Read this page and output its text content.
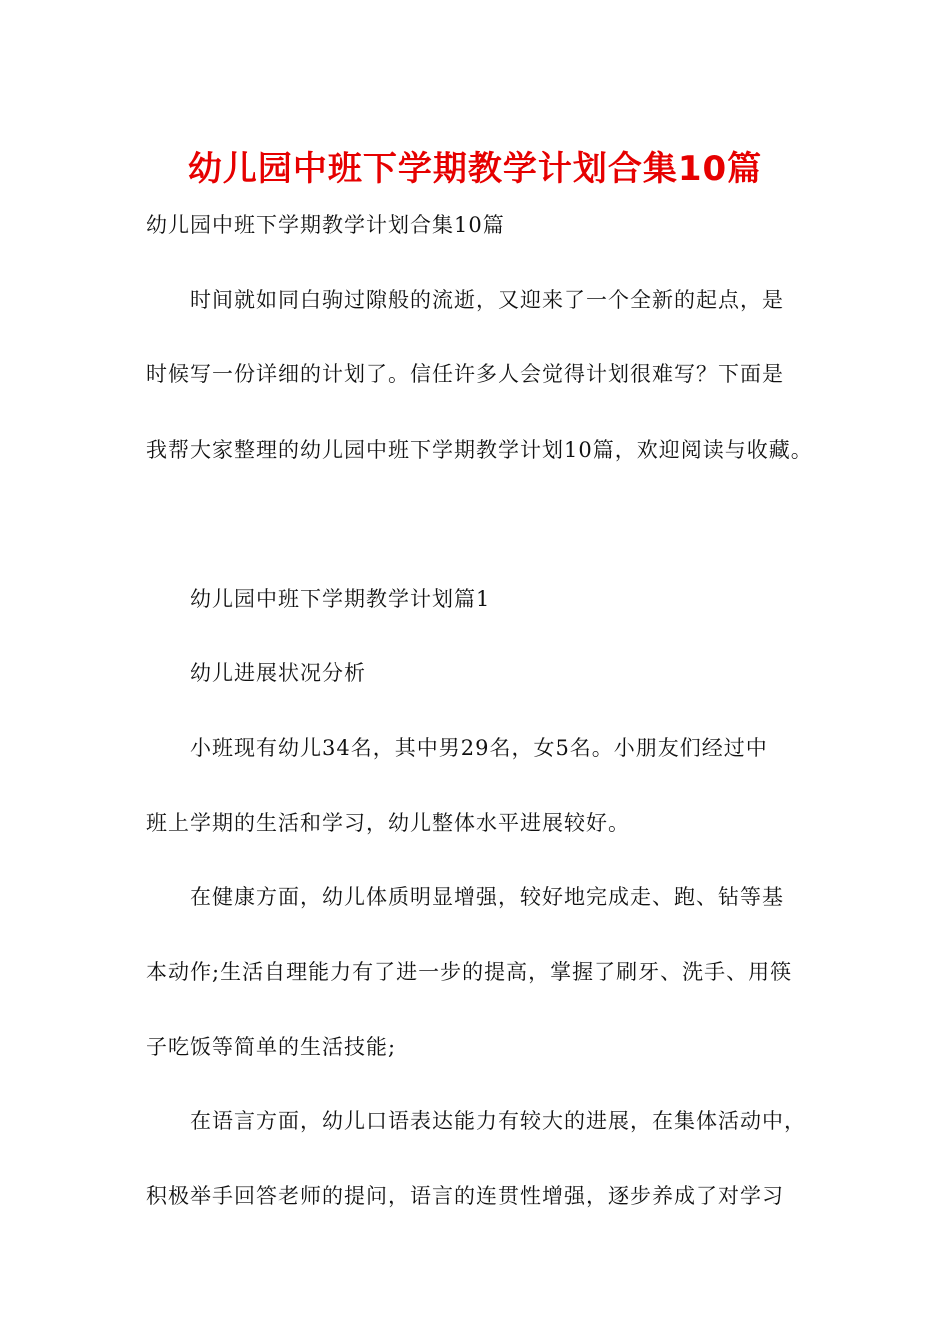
幼儿园中班下学期教学计划合集10篇
幼儿园中班下学期教学计划合集10篇
时间就如同白驹过隙般的流逝，又迎来了一个全新的起点，是
时候写一份详细的计划了。信任许多人会觉得计划很难写？下面是
我帮大家整理的幼儿园中班下学期教学计划10篇，欢迎阅读与收藏。
幼儿园中班下学期教学计划篇1
幼儿进展状况分析
小班现有幼儿34名，其中男29名，女5名。小朋友们经过中
班上学期的生活和学习，幼儿整体水平进展较好。
在健康方面，幼儿体质明显增强，较好地完成走、跑、钻等基
本动作;生活自理能力有了进一步的提高，掌握了刷牙、洗手、用筷
子吃饭等简单的生活技能;
在语言方面，幼儿口语表达能力有较大的进展，在集体活动中，
积极举手回答老师的提问，语言的连贯性增强，逐步养成了对学习
